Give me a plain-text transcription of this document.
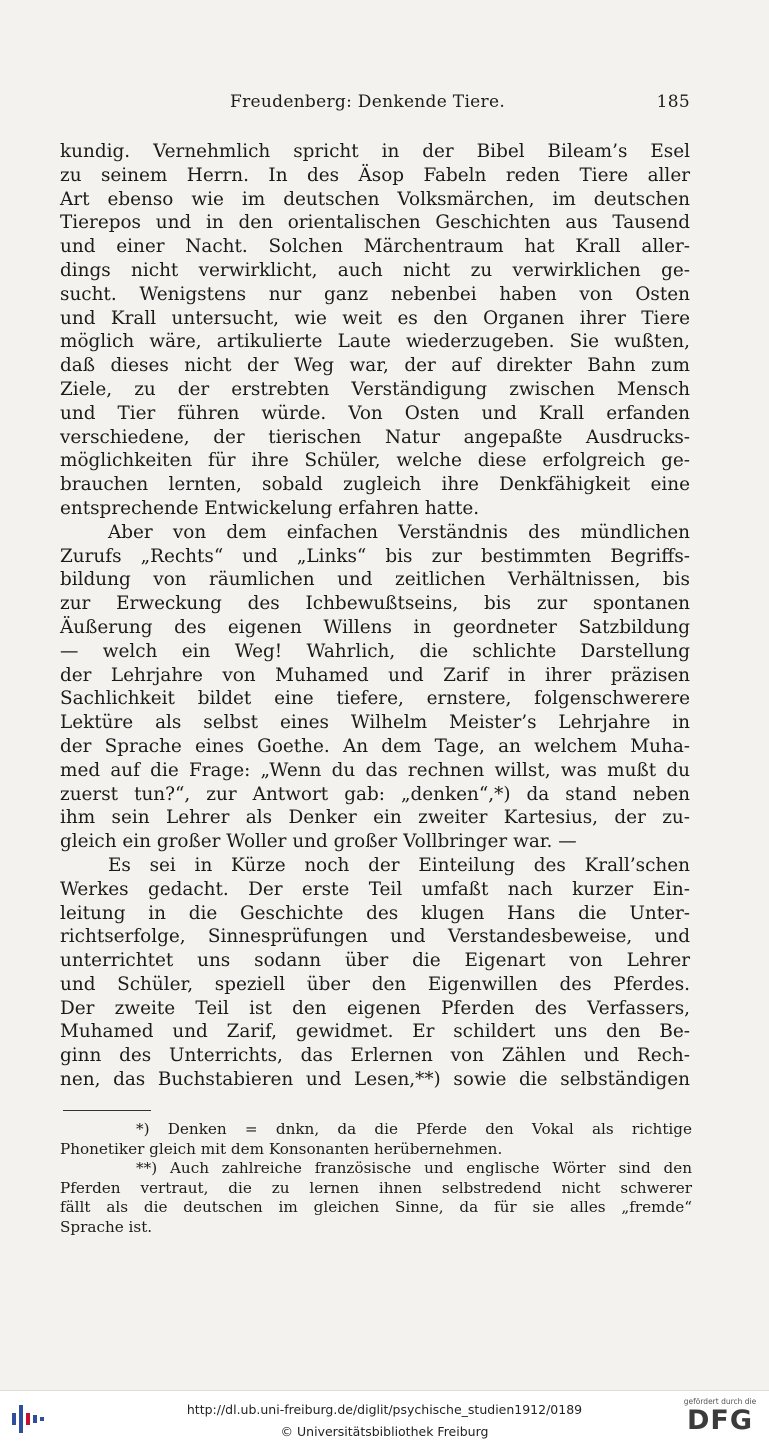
Freudenberg: Denkende Tiere.	185
kundig. Vernehmlich spricht in der Bibel Bileam’s Esel
zu seinem Herrn. In des Äsop Fabeln reden Tiere aller
Art ebenso wie im deutschen Volksmärchen, im deutschen
Tierepos und in den orientalischen Geschichten aus Tausend
und einer Nacht. Solchen Märchentraum hat Krall aller-
dings nicht verwirklicht, auch nicht zu verwirklichen ge-
sucht. Wenigstens nur ganz nebenbei haben von Osten
und Krall untersucht, wie weit es den Organen ihrer Tiere
möglich wäre, artikulierte Laute wiederzugeben. Sie wußten,
daß dieses nicht der Weg war, der auf direkter Bahn zum
Ziele, zu der erstrebten Verständigung zwischen Mensch
und Tier führen würde. Von Osten und Krall erfanden
verschiedene, der tierischen Natur angepaßte Ausdrucks-
möglichkeiten für ihre Schüler, welche diese erfolgreich ge-
brauchen lernten, sobald zugleich ihre Denkfähigkeit eine
entsprechende Entwickelung erfahren hatte.
Aber von dem einfachen Verständnis des mündlichen
Zurufs „Rechts“ und „Links“ bis zur bestimmten Begriffs-
bildung von räumlichen und zeitlichen Verhältnissen, bis
zur Erweckung des Ichbewußtseins, bis zur spontanen
Äußerung des eigenen Willens in geordneter Satzbildung
— welch ein Weg! Wahrlich, die schlichte Darstellung
der Lehrjahre von Muhamed und Zarif in ihrer präzisen
Sachlichkeit bildet eine tiefere, ernstere, folgenschwerere
Lektüre als selbst eines Wilhelm Meister’s Lehrjahre in
der Sprache eines Goethe. An dem Tage, an welchem Muha-
med auf die Frage: „Wenn du das rechnen willst, was mußt du
zuerst tun?“, zur Antwort gab: „denken“,*) da stand neben
ihm sein Lehrer als Denker ein zweiter Kartesius, der zu-
gleich ein großer Woller und großer Vollbringer war. —
Es sei in Kürze noch der Einteilung des Krall’schen
Werkes gedacht. Der erste Teil umfaßt nach kurzer Ein-
leitung in die Geschichte des klugen Hans die Unter-
richtserfolge, Sinnesprüfungen und Verstandesbeweise, und
unterrichtet uns sodann über die Eigenart von Lehrer
und Schüler, speziell über den Eigenwillen des Pferdes.
Der zweite Teil ist den eigenen Pferden des Verfassers,
Muhamed und Zarif, gewidmet. Er schildert uns den Be-
ginn des Unterrichts, das Erlernen von Zählen und Rech-
nen, das Buchstabieren und Lesen,**) sowie die selbständigen
*) Denken = dnkn, da die Pferde den Vokal als richtige
Phonetiker gleich mit dem Konsonanten herübernehmen.
**) Auch zahlreiche französische und englische Wörter sind den
Pferden vertraut, die zu lernen ihnen selbstredend nicht schwerer
fällt als die deutschen im gleichen Sinne, da für sie alles „fremde“
Sprache ist.
http://dl.ub.uni-freiburg.de/diglit/psychische_studien1912/0189
© Universitätsbibliothek Freiburg
gefördert durch die
DFG
